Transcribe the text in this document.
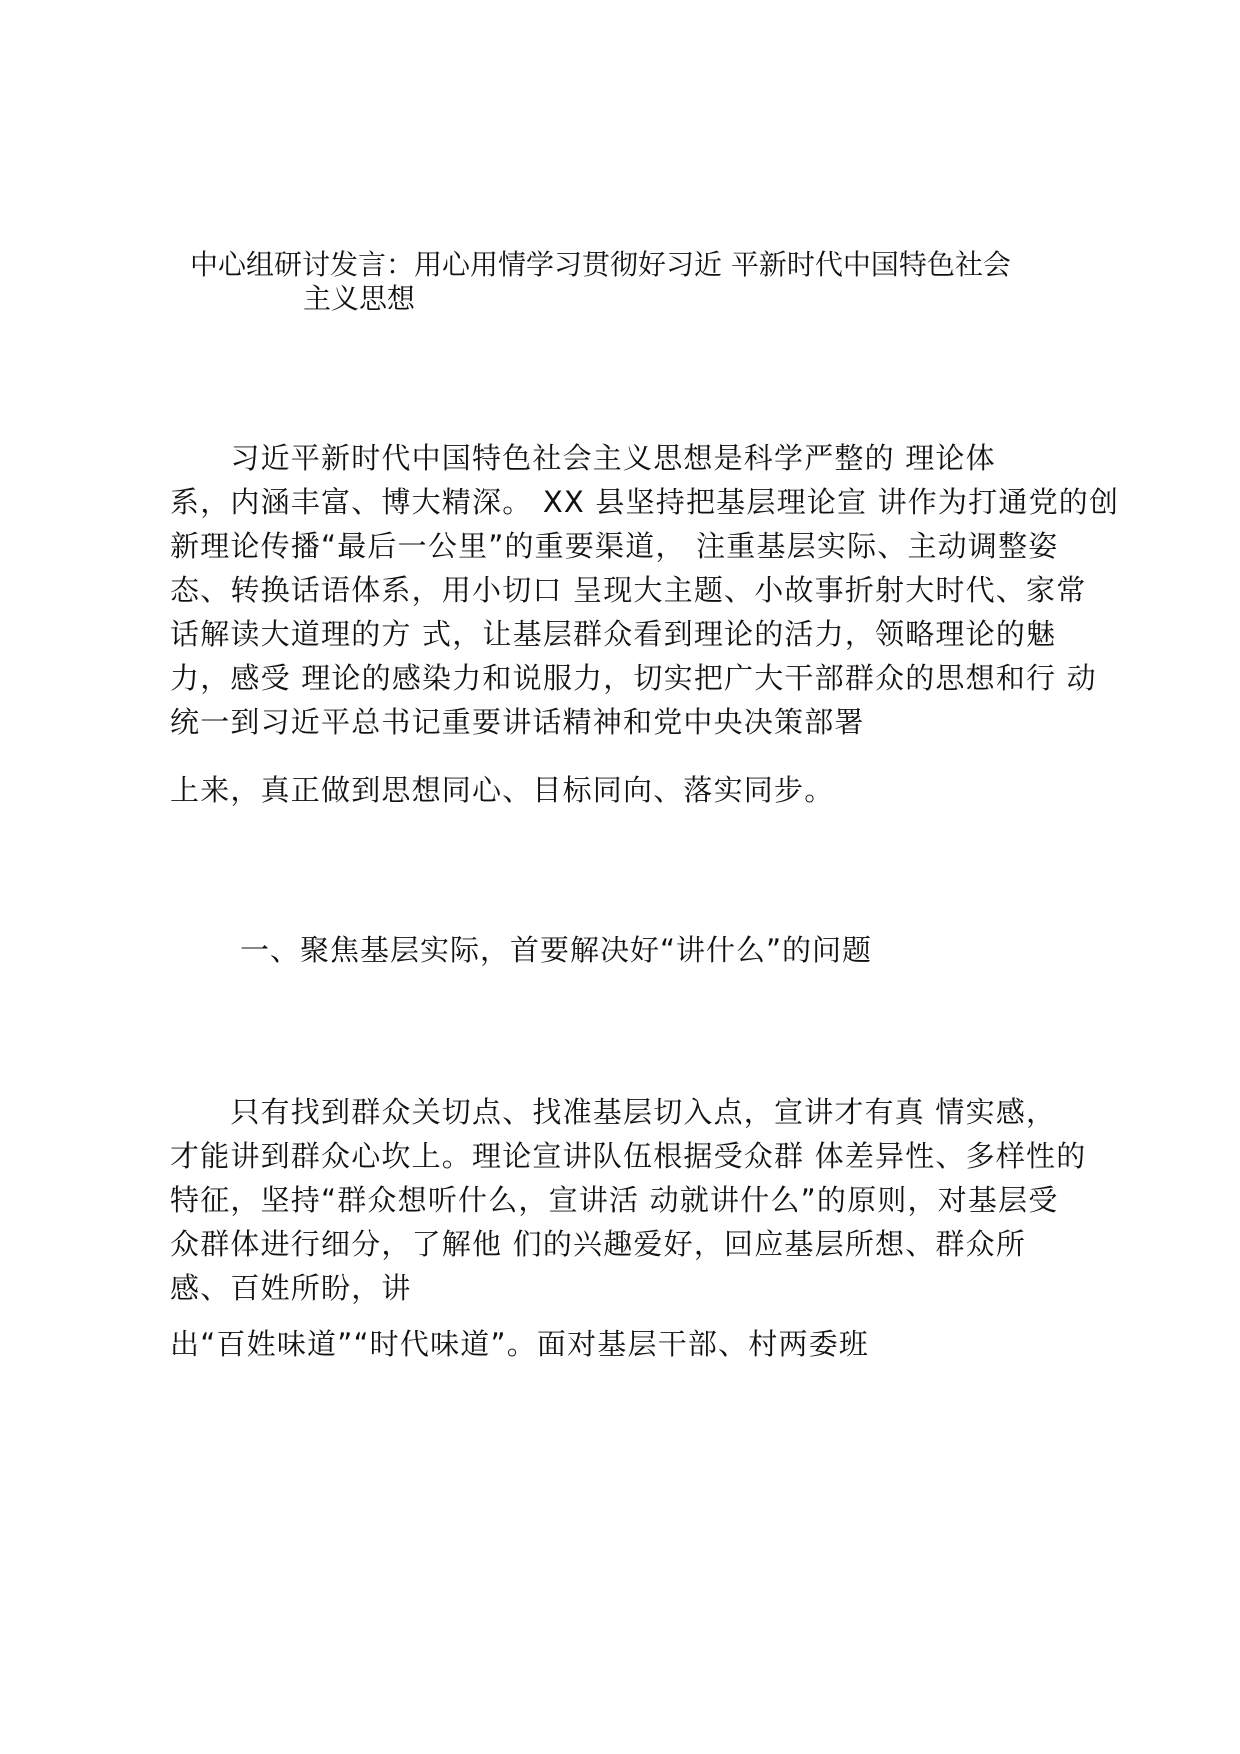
中心组研讨发言：用心用情学习贯彻好习近 平新时代中国特色社会
主义思想

　　习近平新时代中国特色社会主义思想是科学严整的 理论体
系，内涵丰富、博大精深。 XX 县坚持把基层理论宣 讲作为打通党的创
新理论传播“最后一公里”的重要渠道， 注重基层实际、主动调整姿
态、转换话语体系，用小切口 呈现大主题、小故事折射大时代、家常
话解读大道理的方 式，让基层群众看到理论的活力，领略理论的魅
力，感受 理论的感染力和说服力，切实把广大干部群众的思想和行 动
统一到习近平总书记重要讲话精神和党中央决策部署

上来，真正做到思想同心、目标同向、落实同步。

一、聚焦基层实际，首要解决好“讲什么”的问题

　　只有找到群众关切点、找准基层切入点，宣讲才有真 情实感，
才能讲到群众心坎上。理论宣讲队伍根据受众群 体差异性、多样性的
特征，坚持“群众想听什么，宣讲活 动就讲什么”的原则，对基层受
众群体进行细分，了解他 们的兴趣爱好，回应基层所想、群众所
感、百姓所盼，讲

出“百姓味道”“时代味道”。面对基层干部、村两委班
